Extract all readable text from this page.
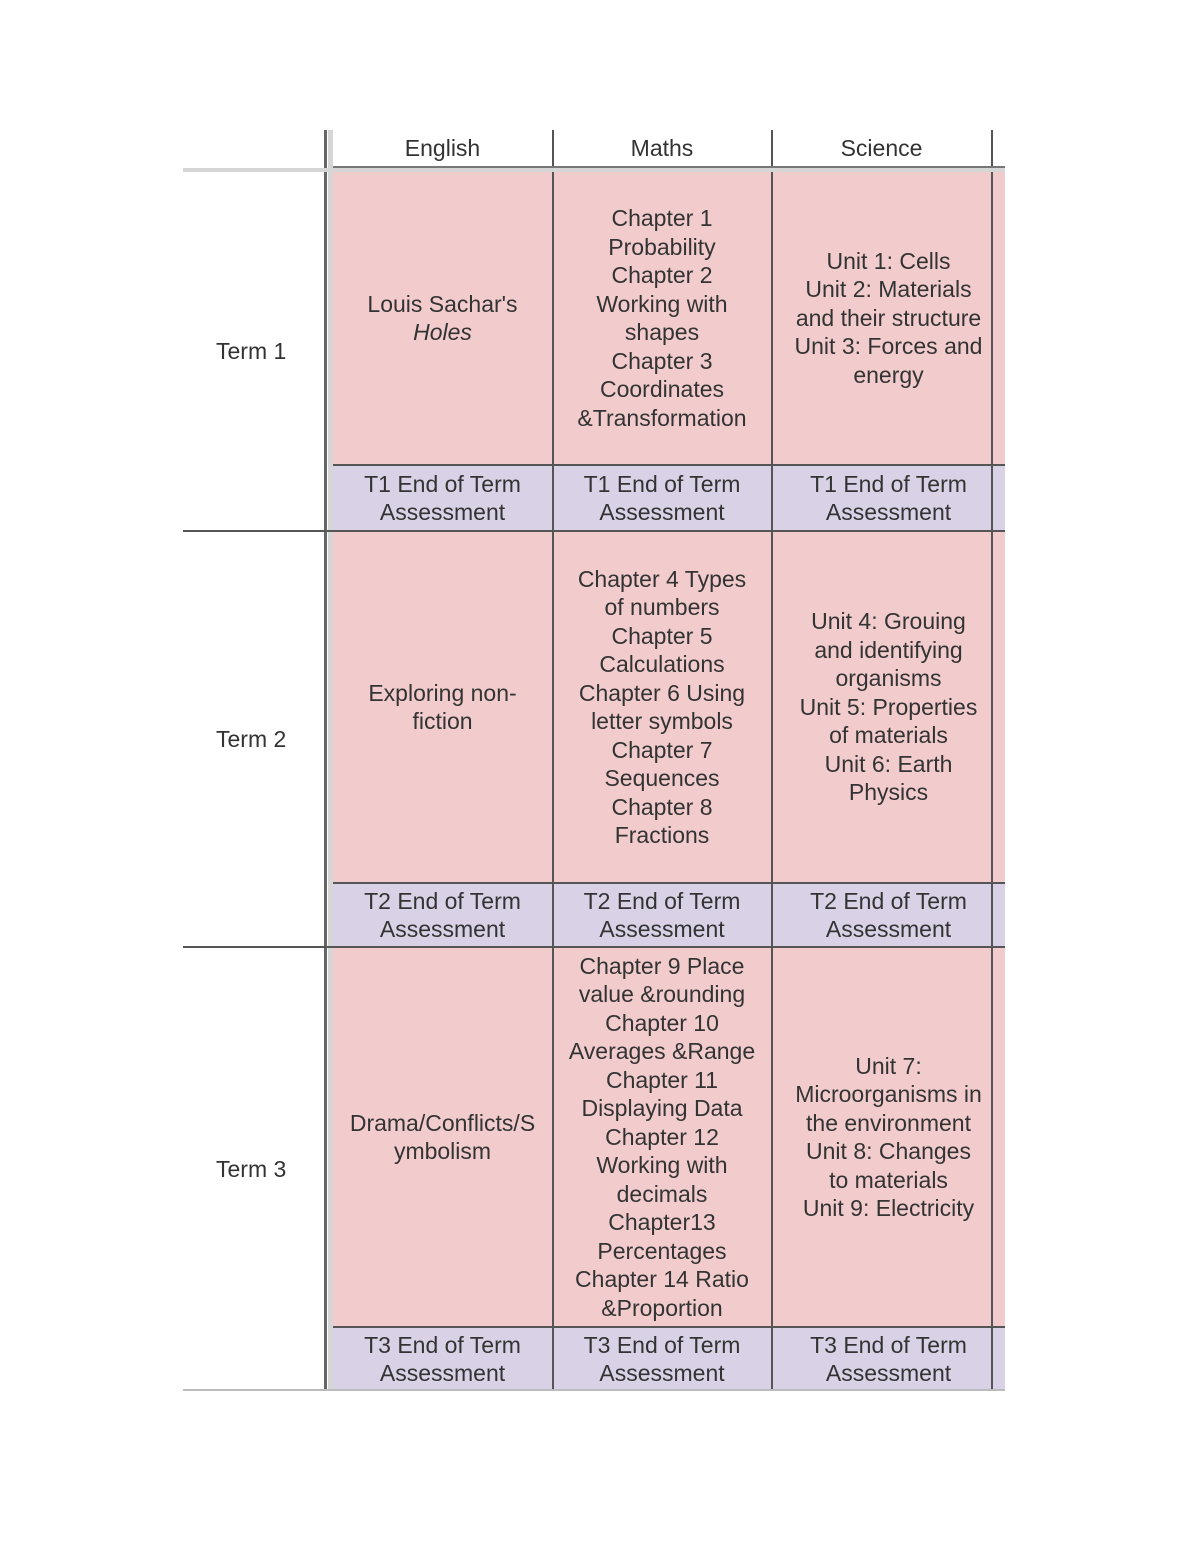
English	Maths	Science
Term 1
Louis Sachar's
Holes
Chapter 1
Probability
Chapter 2
Working with
shapes
Chapter 3
Coordinates
&Transformation
Unit 1: Cells
Unit 2: Materials
and their structure
Unit 3: Forces and
energy
T1 End of Term
Assessment
T1 End of Term
Assessment
T1 End of Term
Assessment
Term 2
Exploring non-
fiction
Chapter 4 Types
of numbers
Chapter 5
Calculations
Chapter 6 Using
letter symbols
Chapter 7
Sequences
Chapter 8
Fractions
Unit 4: Grouing
and identifying
organisms
Unit 5: Properties
of materials
Unit 6: Earth
Physics
T2 End of Term
Assessment
T2 End of Term
Assessment
T2 End of Term
Assessment
Term 3
Drama/Conflicts/S
ymbolism
Chapter 9 Place
value &rounding
Chapter 10
Averages &Range
Chapter 11
Displaying Data
Chapter 12
Working with
decimals
Chapter13
Percentages
Chapter 14 Ratio
&Proportion
Unit 7:
Microorganisms in
the environment
Unit 8: Changes
to materials
Unit 9: Electricity
T3 End of Term
Assessment
T3 End of Term
Assessment
T3 End of Term
Assessment
